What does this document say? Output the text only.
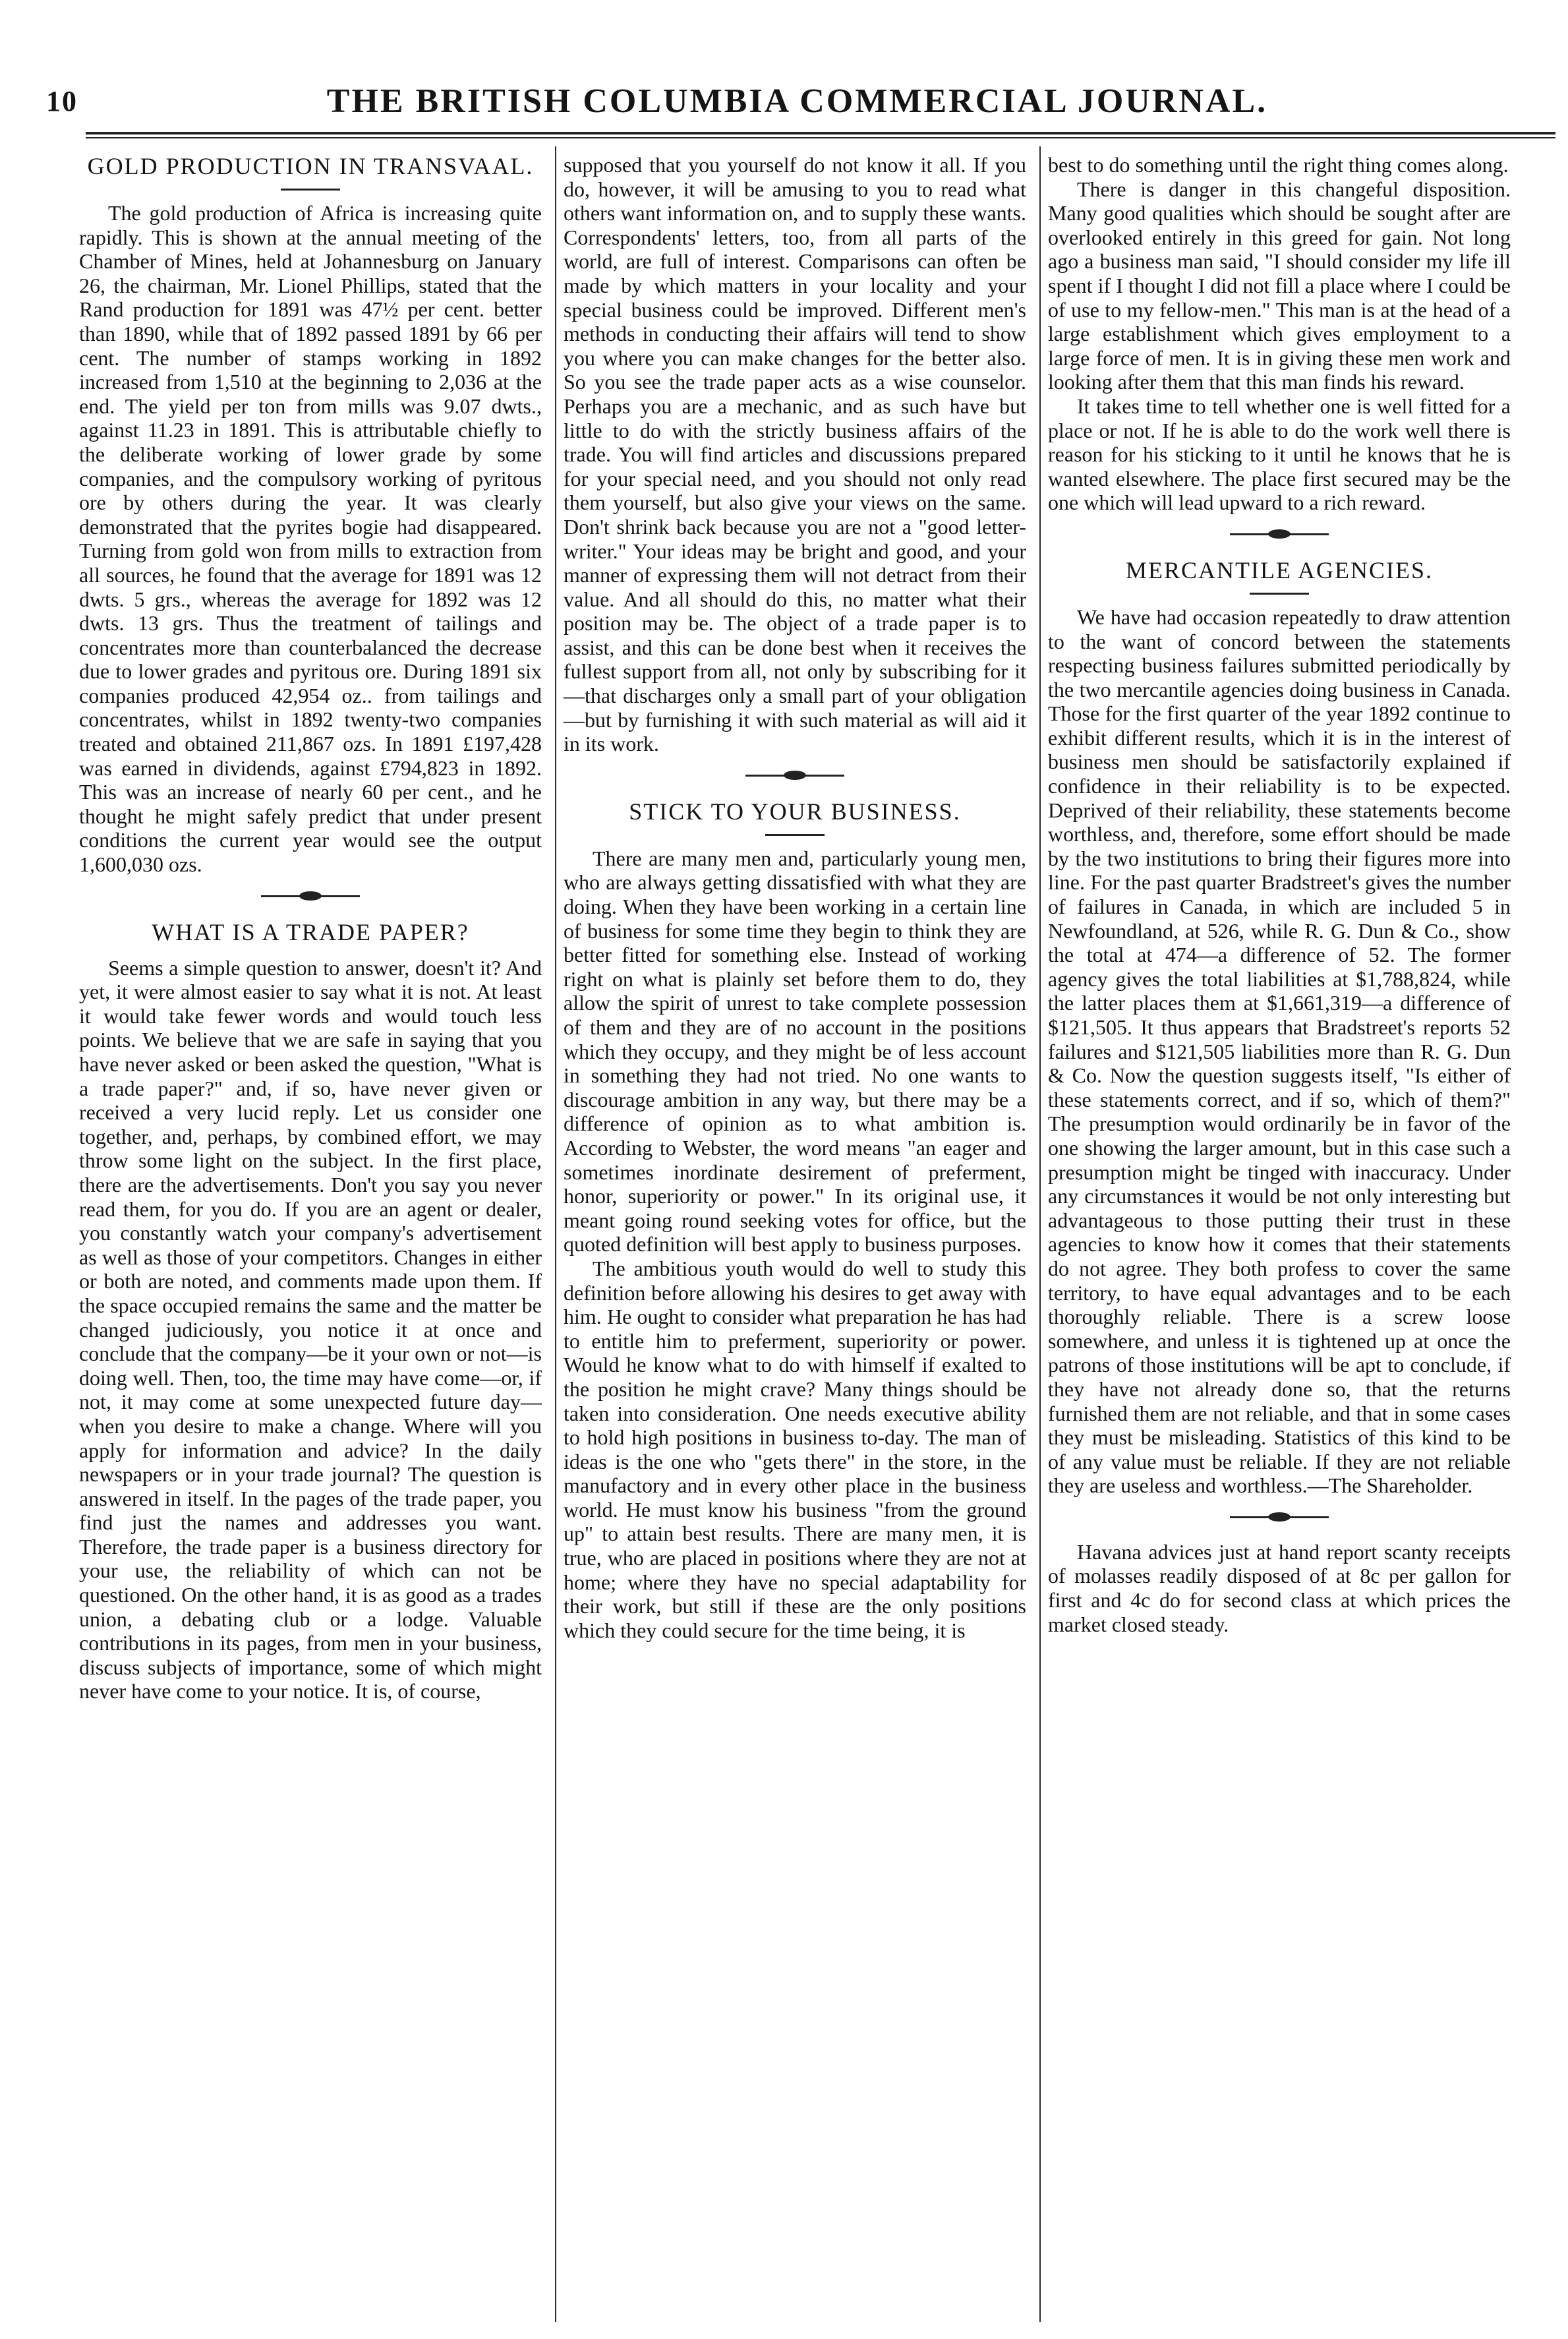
10	THE BRITISH COLUMBIA COMMERCIAL JOURNAL.
GOLD PRODUCTION IN TRANSVAAL.

The gold production of Africa is increasing quite rapidly. This is shown at the annual meeting of the Chamber of Mines, held at Johannesburg on January 26, the chairman, Mr. Lionel Phillips, stated that the Rand production for 1891 was 47½ per cent. better than 1890, while that of 1892 passed 1891 by 66 per cent. The number of stamps working in 1892 increased from 1,510 at the beginning to 2,036 at the end. The yield per ton from mills was 9.07 dwts., against 11.23 in 1891. This is attributable chiefly to the deliberate working of lower grade by some companies, and the compulsory working of pyritous ore by others during the year. It was clearly demonstrated that the pyrites bogie had disappeared. Turning from gold won from mills to extraction from all sources, he found that the average for 1891 was 12 dwts. 5 grs., whereas the average for 1892 was 12 dwts. 13 grs. Thus the treatment of tailings and concentrates more than counterbalanced the decrease due to lower grades and pyritous ore. During 1891 six companies produced 42,954 oz.. from tailings and concentrates, whilst in 1892 twenty-two companies treated and obtained 211,867 ozs. In 1891 £197,428 was earned in dividends, against £794,823 in 1892. This was an increase of nearly 60 per cent., and he thought he might safely predict that under present conditions the current year would see the output 1,600,030 ozs.

WHAT IS A TRADE PAPER?

Seems a simple question to answer, doesn't it? And yet, it were almost easier to say what it is not. At least it would take fewer words and would touch less points. We believe that we are safe in saying that you have never asked or been asked the question, "What is a trade paper?" and, if so, have never given or received a very lucid reply. Let us consider one together, and, perhaps, by combined effort, we may throw some light on the subject. In the first place, there are the advertisements. Don't you say you never read them, for you do. If you are an agent or dealer, you constantly watch your company's advertisement as well as those of your competitors. Changes in either or both are noted, and comments made upon them. If the space occupied remains the same and the matter be changed judiciously, you notice it at once and conclude that the company—be it your own or not—is doing well. Then, too, the time may have come—or, if not, it may come at some unexpected future day—when you desire to make a change. Where will you apply for information and advice? In the daily newspapers or in your trade journal? The question is answered in itself. In the pages of the trade paper, you find just the names and addresses you want. Therefore, the trade paper is a business directory for your use, the reliability of which can not be questioned. On the other hand, it is as good as a trades union, a debating club or a lodge. Valuable contributions in its pages, from men in your business, discuss subjects of importance, some of which might never have come to your notice. It is, of course,

supposed that you yourself do not know it all. If you do, however, it will be amusing to you to read what others want information on, and to supply these wants. Correspondents' letters, too, from all parts of the world, are full of interest. Comparisons can often be made by which matters in your locality and your special business could be improved. Different men's methods in conducting their affairs will tend to show you where you can make changes for the better also. So you see the trade paper acts as a wise counselor. Perhaps you are a mechanic, and as such have but little to do with the strictly business affairs of the trade. You will find articles and discussions prepared for your special need, and you should not only read them yourself, but also give your views on the same. Don't shrink back because you are not a "good letter-writer." Your ideas may be bright and good, and your manner of expressing them will not detract from their value. And all should do this, no matter what their position may be. The object of a trade paper is to assist, and this can be done best when it receives the fullest support from all, not only by subscribing for it—that discharges only a small part of your obligation—but by furnishing it with such material as will aid it in its work.

STICK TO YOUR BUSINESS.

There are many men and, particularly young men, who are always getting dissatisfied with what they are doing. When they have been working in a certain line of business for some time they begin to think they are better fitted for something else. Instead of working right on what is plainly set before them to do, they allow the spirit of unrest to take complete possession of them and they are of no account in the positions which they occupy, and they might be of less account in something they had not tried. No one wants to discourage ambition in any way, but there may be a difference of opinion as to what ambition is. According to Webster, the word means "an eager and sometimes inordinate desirement of preferment, honor, superiority or power." In its original use, it meant going round seeking votes for office, but the quoted definition will best apply to business purposes.

The ambitious youth would do well to study this definition before allowing his desires to get away with him. He ought to consider what preparation he has had to entitle him to preferment, superiority or power. Would he know what to do with himself if exalted to the position he might crave? Many things should be taken into consideration. One needs executive ability to hold high positions in business to-day. The man of ideas is the one who "gets there" in the store, in the manufactory and in every other place in the business world. He must know his business "from the ground up" to attain best results. There are many men, it is true, who are placed in positions where they are not at home; where they have no special adaptability for their work, but still if these are the only positions which they could secure for the time being, it is

best to do something until the right thing comes along.

There is danger in this changeful disposition. Many good qualities which should be sought after are overlooked entirely in this greed for gain. Not long ago a business man said, "I should consider my life ill spent if I thought I did not fill a place where I could be of use to my fellow-men." This man is at the head of a large establishment which gives employment to a large force of men. It is in giving these men work and looking after them that this man finds his reward.

It takes time to tell whether one is well fitted for a place or not. If he is able to do the work well there is reason for his sticking to it until he knows that he is wanted elsewhere. The place first secured may be the one which will lead upward to a rich reward.

MERCANTILE AGENCIES.

We have had occasion repeatedly to draw attention to the want of concord between the statements respecting business failures submitted periodically by the two mercantile agencies doing business in Canada. Those for the first quarter of the year 1892 continue to exhibit different results, which it is in the interest of business men should be satisfactorily explained if confidence in their reliability is to be expected. Deprived of their reliability, these statements become worthless, and, therefore, some effort should be made by the two institutions to bring their figures more into line. For the past quarter Bradstreet's gives the number of failures in Canada, in which are included 5 in Newfoundland, at 526, while R. G. Dun & Co., show the total at 474—a difference of 52. The former agency gives the total liabilities at $1,788,824, while the latter places them at $1,661,319—a difference of $121,505. It thus appears that Bradstreet's reports 52 failures and $121,505 liabilities more than R. G. Dun & Co. Now the question suggests itself, "Is either of these statements correct, and if so, which of them?" The presumption would ordinarily be in favor of the one showing the larger amount, but in this case such a presumption might be tinged with inaccuracy. Under any circumstances it would be not only interesting but advantageous to those putting their trust in these agencies to know how it comes that their statements do not agree. They both profess to cover the same territory, to have equal advantages and to be each thoroughly reliable. There is a screw loose somewhere, and unless it is tightened up at once the patrons of those institutions will be apt to conclude, if they have not already done so, that the returns furnished them are not reliable, and that in some cases they must be misleading. Statistics of this kind to be of any value must be reliable. If they are not reliable they are useless and worthless.—The Shareholder.

Havana advices just at hand report scanty receipts of molasses readily disposed of at 8c per gallon for first and 4c do for second class at which prices the market closed steady.
